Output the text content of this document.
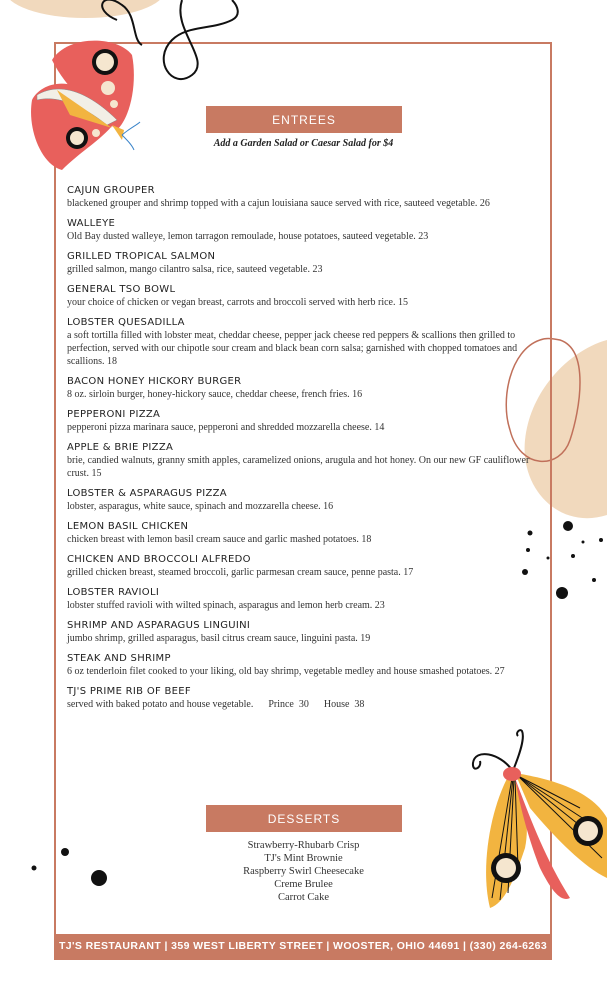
ENTREES
Add a Garden Salad or Caesar Salad for $4
CAJUN GROUPER
blackened grouper and shrimp topped with a cajun louisiana sauce served with rice, sauteed vegetable. 26
WALLEYE
Old Bay dusted walleye, lemon tarragon remoulade, house potatoes, sauteed vegetable. 23
GRILLED TROPICAL SALMON
grilled salmon, mango cilantro salsa, rice, sauteed vegetable. 23
GENERAL TSO BOWL
your choice of chicken or vegan breast, carrots and broccoli served with herb rice. 15
LOBSTER QUESADILLA
a soft tortilla filled with lobster meat, cheddar cheese, pepper jack cheese red peppers & scallions then grilled to perfection, served with our chipotle sour cream and black bean corn salsa; garnished with chopped tomatoes and scallions. 18
BACON HONEY HICKORY BURGER
8 oz. sirloin burger, honey-hickory sauce, cheddar cheese, french fries. 16
PEPPERONI PIZZA
pepperoni pizza marinara sauce, pepperoni and shredded mozzarella cheese. 14
APPLE & BRIE PIZZA
brie, candied walnuts, granny smith apples, caramelized onions, arugula and hot honey. On our new GF cauliflower crust. 15
LOBSTER & ASPARAGUS PIZZA
lobster, asparagus, white sauce, spinach and mozzarella cheese. 16
LEMON BASIL CHICKEN
chicken breast with lemon basil cream sauce and garlic mashed potatoes. 18
CHICKEN AND BROCCOLI ALFREDO
grilled chicken breast, steamed broccoli, garlic parmesan cream sauce, penne pasta. 17
LOBSTER RAVIOLI
lobster stuffed ravioli with wilted spinach, asparagus and lemon herb cream. 23
SHRIMP AND ASPARAGUS LINGUINI
jumbo shrimp, grilled asparagus, basil citrus cream sauce, linguini pasta. 19
STEAK AND SHRIMP
6 oz tenderloin filet cooked to your liking, old bay shrimp, vegetable medley and house smashed potatoes. 27
TJ'S PRIME RIB OF BEEF
served with baked potato and house vegetable.      Prince  30      House  38
DESSERTS
Strawberry-Rhubarb Crisp
TJ's Mint Brownie
Raspberry Swirl Cheesecake
Creme Brulee
Carrot Cake
TJ'S RESTAURANT | 359 WEST LIBERTY STREET | WOOSTER, OHIO 44691 | (330) 264-6263
